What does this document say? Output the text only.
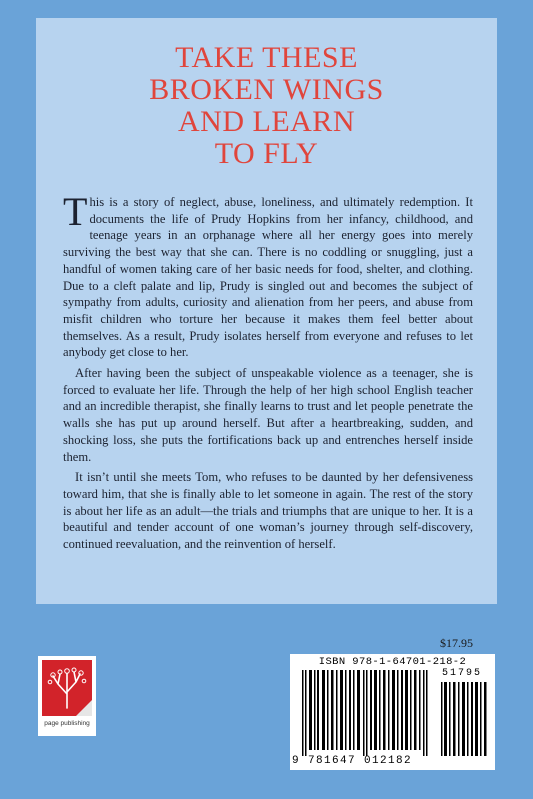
TAKE THESE
BROKEN WINGS
AND LEARN
TO FLY

This is a story of neglect, abuse, loneliness, and ultimately redemption. It documents the life of Prudy Hopkins from her infancy, childhood, and teenage years in an orphanage where all her energy goes into merely surviving the best way that she can. There is no coddling or snuggling, just a handful of women taking care of her basic needs for food, shelter, and clothing. Due to a cleft palate and lip, Prudy is singled out and becomes the subject of sympathy from adults, curiosity and alienation from her peers, and abuse from misfit children who torture her because it makes them feel better about themselves. As a result, Prudy isolates herself from everyone and refuses to let anybody get close to her.

After having been the subject of unspeakable violence as a teenager, she is forced to evaluate her life. Through the help of her high school English teacher and an incredible therapist, she finally learns to trust and let people penetrate the walls she has put up around herself. But after a heartbreaking, sudden, and shocking loss, she puts the fortifications back up and entrenches herself inside them.

It isn’t until she meets Tom, who refuses to be daunted by her defensiveness toward him, that she is finally able to let someone in again. The rest of the story is about her life as an adult—the trials and triumphs that are unique to her. It is a beautiful and tender account of one woman’s journey through self-discovery, continued reevaluation, and the reinvention of herself.

page publishing
$17.95
ISBN 978-1-64701-218-2
51795
9 781647 012182
